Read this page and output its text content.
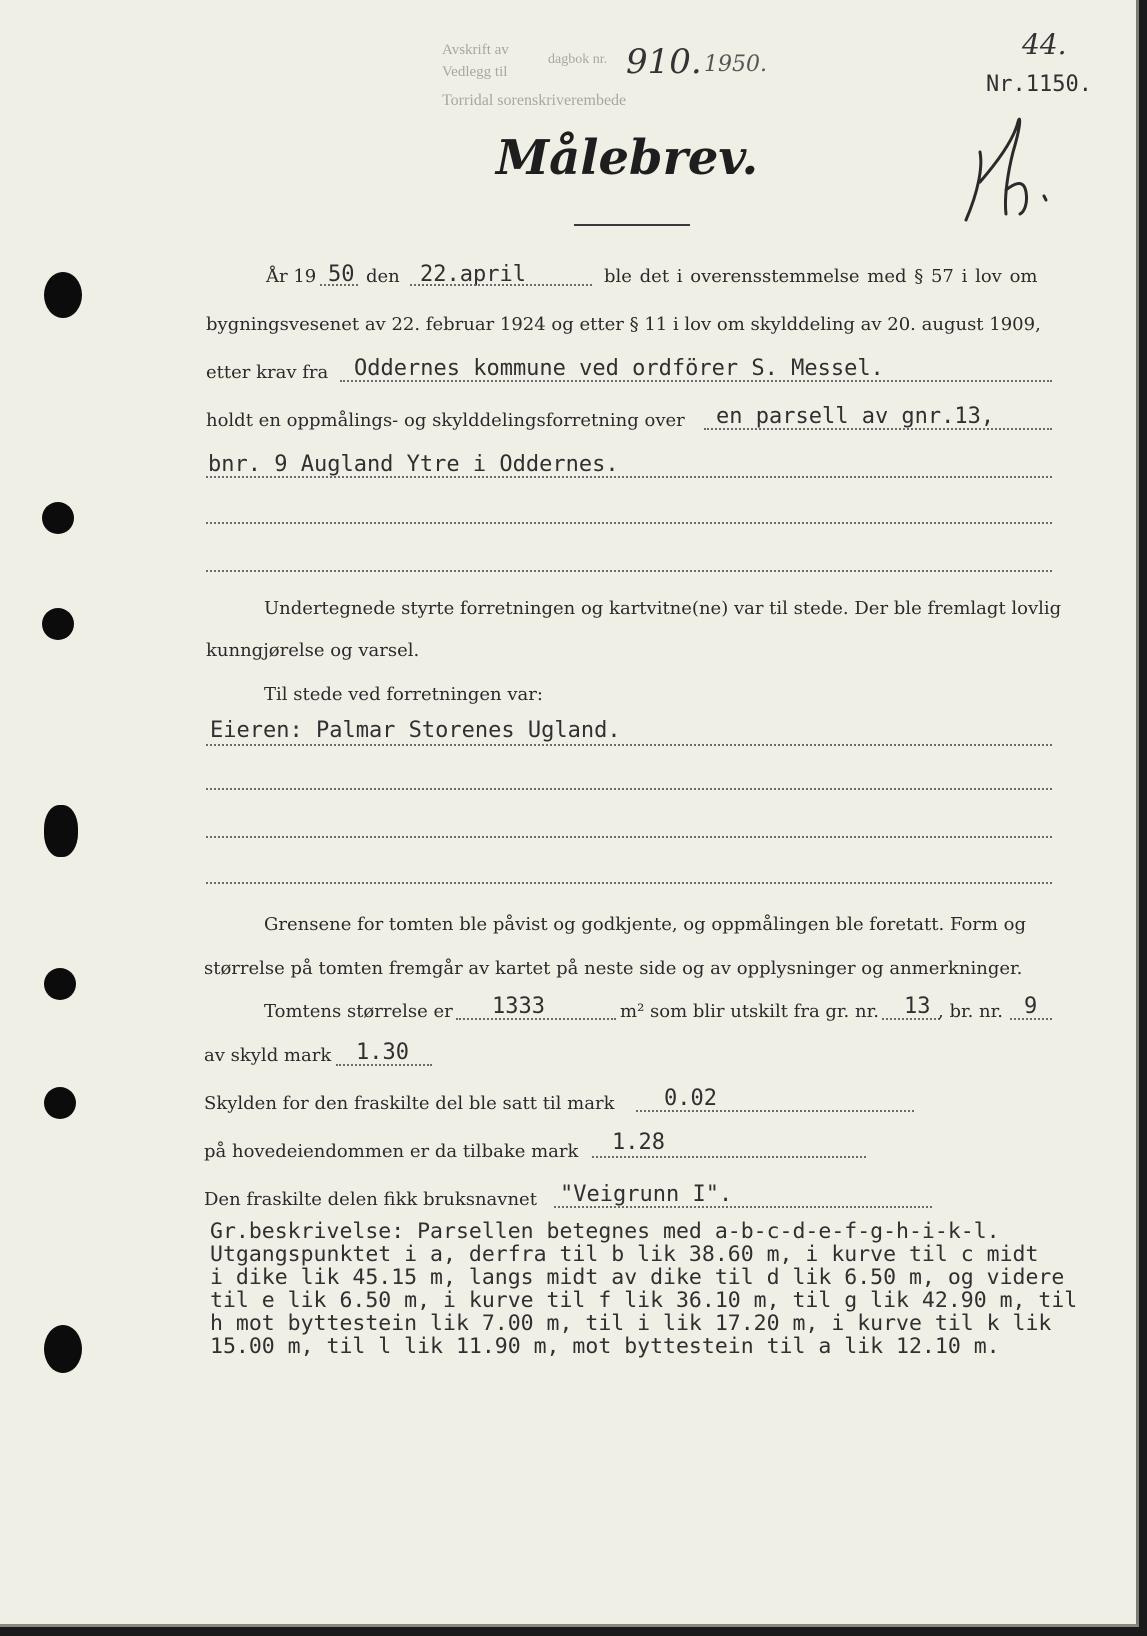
Avskrift av
dagbok nr.
Vedlegg til
Torridal sorenskriverembede
910. 1950.
44.
Nr.1150.
Målebrev.
År 19 50 den 22.april	ble det i overensstemmelse med § 57 i lov om
bygningsvesenet av 22. februar 1924 og etter § 11 i lov om skylddeling av 20. august 1909,
etter krav fra Oddernes kommune ved ordförer S. Messel.
holdt en oppmålings- og skylddelingsforretning over en parsell av gnr.13,
bnr. 9 Augland Ytre i Oddernes.
Undertegnede styrte forretningen og kartvitne(ne) var til stede. Der ble fremlagt lovlig
kunngjørelse og varsel.
Til stede ved forretningen var:
Eieren: Palmar Storenes Ugland.
Grensene for tomten ble påvist og godkjente, og oppmålingen ble foretatt. Form og
størrelse på tomten fremgår av kartet på neste side og av opplysninger og anmerkninger.
Tomtens størrelse er 1333	m² som blir utskilt fra gr. nr. 13 , br. nr. 9
av skyld mark 1.30
Skylden for den fraskilte del ble satt til mark 0.02
på hovedeiendommen er da tilbake mark 1.28
Den fraskilte delen fikk bruksnavnet "Veigrunn I".
Gr.beskrivelse: Parsellen betegnes med a-b-c-d-e-f-g-h-i-k-l.
Utgangspunktet i a, derfra til b lik 38.60 m, i kurve til c midt
i dike lik 45.15 m, langs midt av dike til d lik 6.50 m, og videre
til e lik 6.50 m, i kurve til f lik 36.10 m, til g lik 42.90 m, til
h mot byttestein lik 7.00 m, til i lik 17.20 m, i kurve til k lik
15.00 m, til l lik 11.90 m, mot byttestein til a lik 12.10 m.
